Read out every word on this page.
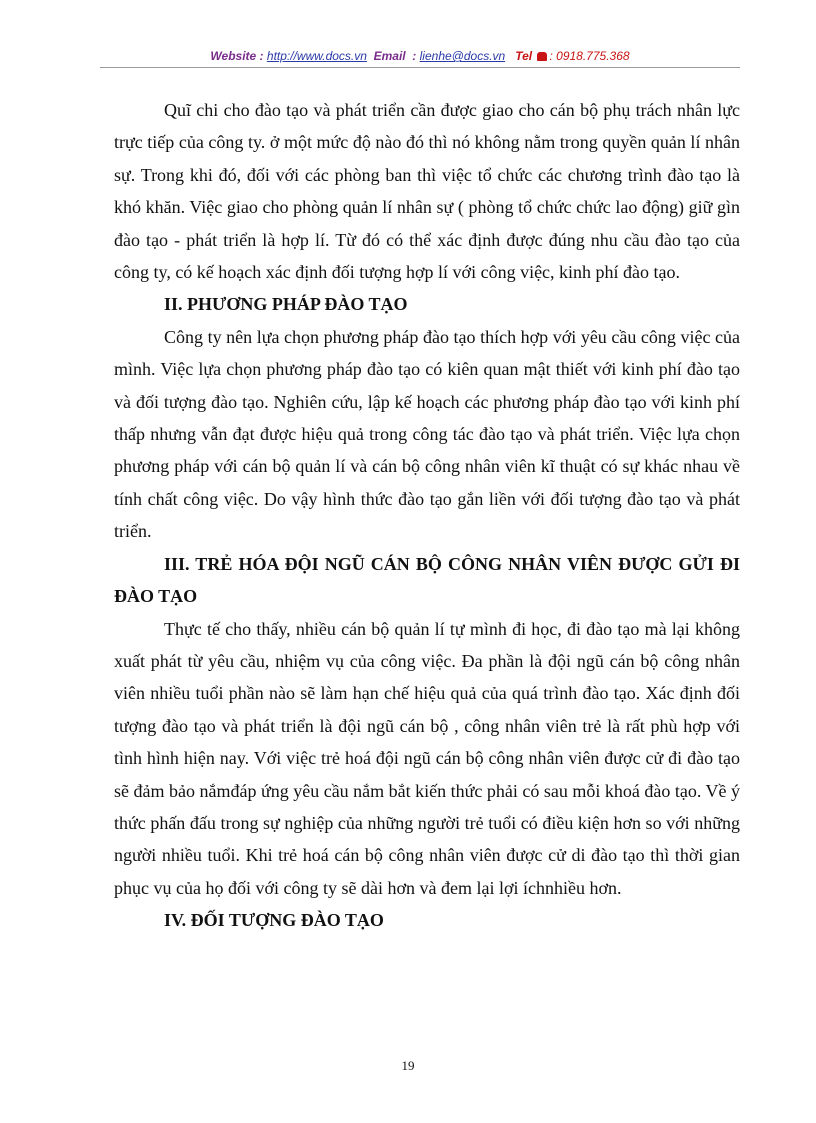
Website : http://www.docs.vn Email : lienhe@docs.vn Tel : 0918.775.368

Quĩ chi cho đào tạo và phát triển cần được giao cho cán bộ phụ trách nhân lực trực tiếp của công ty. ở một mức độ nào đó thì nó không nằm trong quyền quản lí nhân sự. Trong khi đó, đối với các phòng ban thì việc tổ chức các chương trình đào tạo là khó khăn. Việc giao cho phòng quản lí nhân sự ( phòng tổ chức chức lao động) giữ gìn đào tạo - phát triển là hợp lí. Từ đó có thể xác định được đúng nhu cầu đào tạo của công ty, có kế hoạch xác định đối tượng hợp lí với công việc, kinh phí đào tạo.

II. PHƯƠNG PHÁP ĐÀO TẠO

Công ty nên lựa chọn phương pháp đào tạo thích hợp với yêu cầu công việc của mình. Việc lựa chọn phương pháp đào tạo có kiên quan mật thiết với kinh phí đào tạo và đối tượng đào tạo. Nghiên cứu, lập kế hoạch các phương pháp đào tạo với kinh phí thấp nhưng vẫn đạt được hiệu quả trong công tác đào tạo và phát triển. Việc lựa chọn phương pháp với cán bộ quản lí và cán bộ công nhân viên kĩ thuật có sự khác nhau về tính chất công việc. Do vậy hình thức đào tạo gắn liền với đối tượng đào tạo và phát triển.

III. TRẺ HÓA ĐỘI NGŨ CÁN BỘ CÔNG NHÂN VIÊN ĐƯỢC GỬI ĐI ĐÀO TẠO

Thực tế cho thấy, nhiều cán bộ quản lí tự mình đi học, đi đào tạo mà lại không xuất phát từ yêu cầu, nhiệm vụ của công việc. Đa phần là đội ngũ cán bộ công nhân viên nhiều tuổi phần nào sẽ làm hạn chế hiệu quả của quá trình đào tạo. Xác định đối tượng đào tạo và phát triển là đội ngũ cán bộ , công nhân viên trẻ là rất phù hợp với tình hình hiện nay. Với việc trẻ hoá đội ngũ cán bộ công nhân viên được cử đi đào tạo sẽ đảm bảo nắmđáp ứng yêu cầu nắm bắt kiến thức phải có sau mỗi khoá đào tạo. Về ý thức phấn đấu trong sự nghiệp của những người trẻ tuổi có điều kiện hơn so với những người nhiều tuổi. Khi trẻ hoá cán bộ công nhân viên được cử di đào tạo thì thời gian phục vụ của họ đối với công ty sẽ dài hơn và đem lại lợi íchnhiều hơn.

IV. ĐỐI TƯỢNG ĐÀO TẠO
19
